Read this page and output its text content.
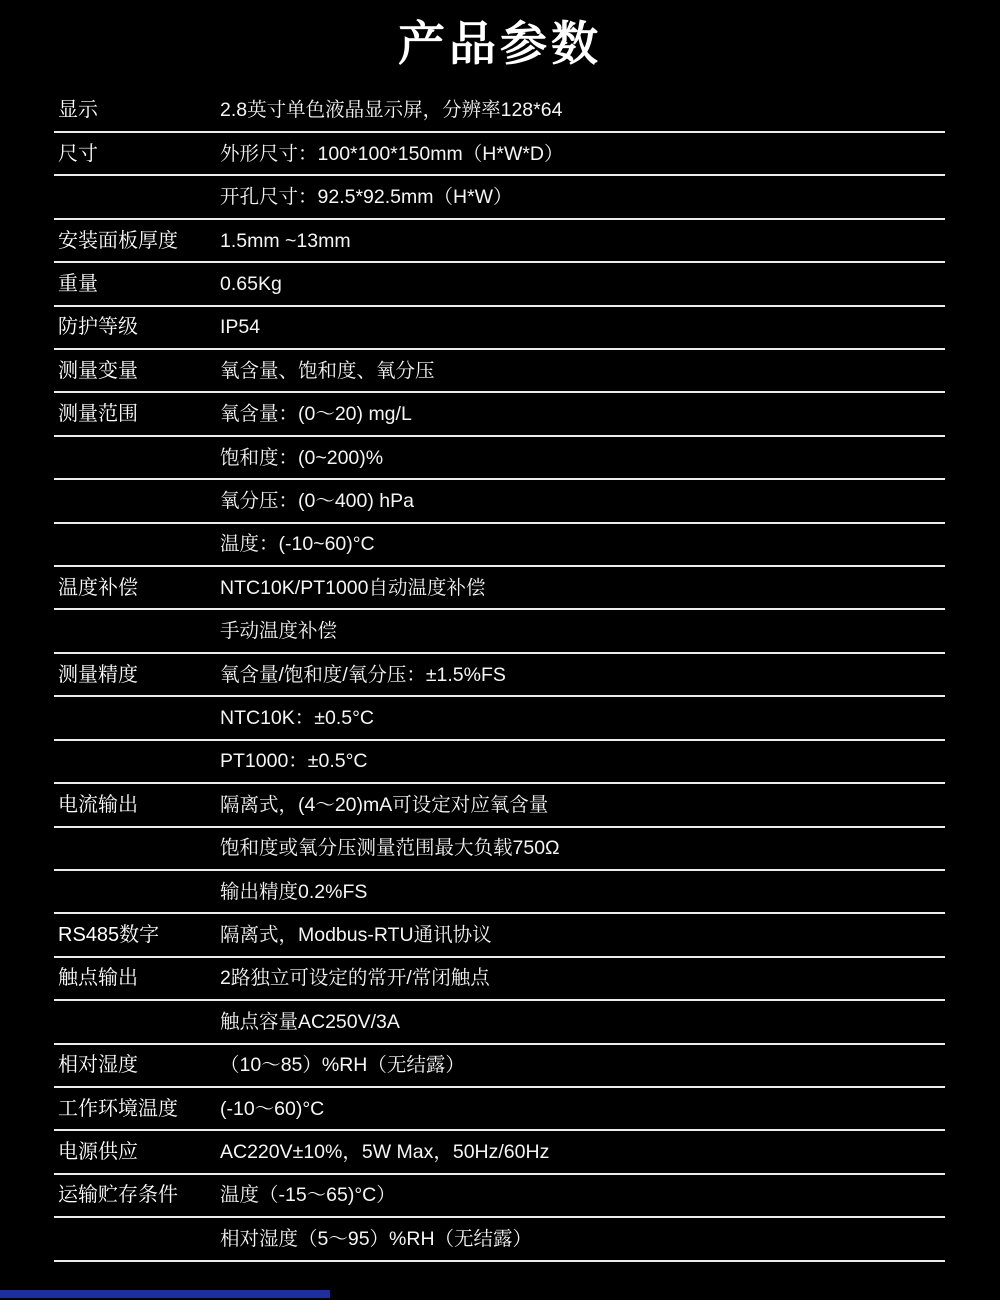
产品参数
显示	2.8英寸单色液晶显示屏，分辨率128*64
尺寸	外形尺寸：100*100*150mm（H*W*D）
开孔尺寸：92.5*92.5mm（H*W）
安装面板厚度	1.5mm ~13mm
重量	0.65Kg
防护等级	IP54
测量变量	氧含量、饱和度、氧分压
测量范围	氧含量：(0～20) mg/L
饱和度：(0~200)%
氧分压：(0～400) hPa
温度：(-10~60)°C
温度补偿	NTC10K/PT1000自动温度补偿
手动温度补偿
测量精度	氧含量/饱和度/氧分压：±1.5%FS
NTC10K：±0.5°C
PT1000：±0.5°C
电流输出	隔离式，(4～20)mA可设定对应氧含量
饱和度或氧分压测量范围最大负载750Ω
输出精度0.2%FS
RS485数字	隔离式，Modbus-RTU通讯协议
触点输出	2路独立可设定的常开/常闭触点
触点容量AC250V/3A
相对湿度	（10～85）%RH（无结露）
工作环境温度	(-10～60)°C
电源供应	AC220V±10%，5W Max，50Hz/60Hz
运输贮存条件	温度（-15～65)°C）
相对湿度（5～95）%RH（无结露）
